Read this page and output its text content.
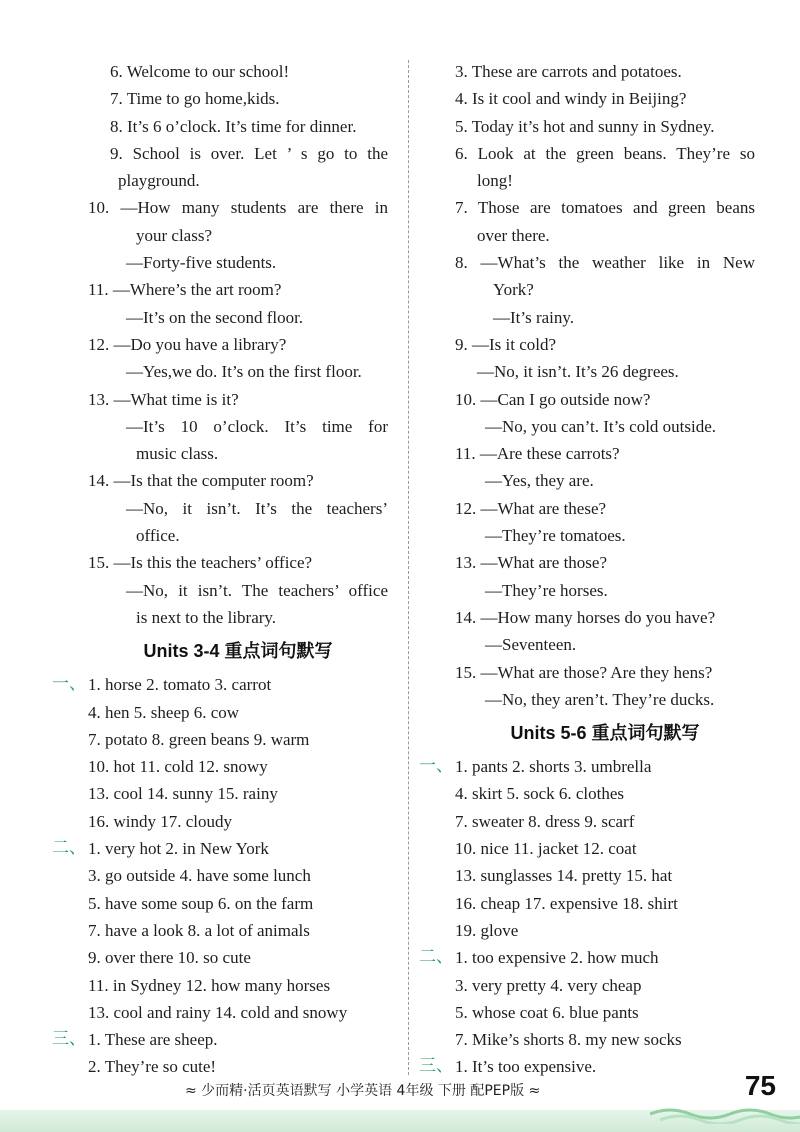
6. Welcome to our school!
7. Time to go home,kids.
8. It’s 6 o’clock. It’s time for dinner.
9. School is over. Let ’ s go to the
playground.
10. —How many students are there in
your class?
—Forty-five students.
11. —Where’s the art room?
—It’s on the second floor.
12. —Do you have a library?
—Yes,we do. It’s on the first floor.
13. —What time is it?
—It’s 10 o’clock. It’s time for
music class.
14. —Is that the computer room?
—No, it isn’t. It’s the teachers’
office.
15. —Is this the teachers’ office?
—No, it isn’t. The teachers’ office
is next to the library.
Units 3-4 重点词句默写
一、 1. horse 2. tomato 3. carrot
4. hen 5. sheep 6. cow
7. potato 8. green beans 9. warm
10. hot 11. cold 12. snowy
13. cool 14. sunny 15. rainy
16. windy 17. cloudy
二、 1. very hot 2. in New York
3. go outside 4. have some lunch
5. have some soup 6. on the farm
7. have a look 8. a lot of animals
9. over there 10. so cute
11. in Sydney 12. how many horses
13. cool and rainy 14. cold and snowy
三、 1. These are sheep.
2. They’re so cute!
3. These are carrots and potatoes.
4. Is it cool and windy in Beijing?
5. Today it’s hot and sunny in Sydney.
6. Look at the green beans. They’re so
long!
7. Those are tomatoes and green beans
over there.
8. —What’s the weather like in New
York?
—It’s rainy.
9. —Is it cold?
—No, it isn’t. It’s 26 degrees.
10. —Can I go outside now?
—No, you can’t. It’s cold outside.
11. —Are these carrots?
—Yes, they are.
12. —What are these?
—They’re tomatoes.
13. —What are those?
—They’re horses.
14. —How many horses do you have?
—Seventeen.
15. —What are those? Are they hens?
—No, they aren’t. They’re ducks.
Units 5-6 重点词句默写
一、 1. pants 2. shorts 3. umbrella
4. skirt 5. sock 6. clothes
7. sweater 8. dress 9. scarf
10. nice 11. jacket 12. coat
13. sunglasses 14. pretty 15. hat
16. cheap 17. expensive 18. shirt
19. glove
二、 1. too expensive 2. how much
3. very pretty 4. very cheap
5. whose coat 6. blue pants
7. Mike’s shorts 8. my new socks
三、 1. It’s too expensive.
≈ 少而精·活页英语默写 小学英语 4年级 下册 配PEP版 ≈	75
